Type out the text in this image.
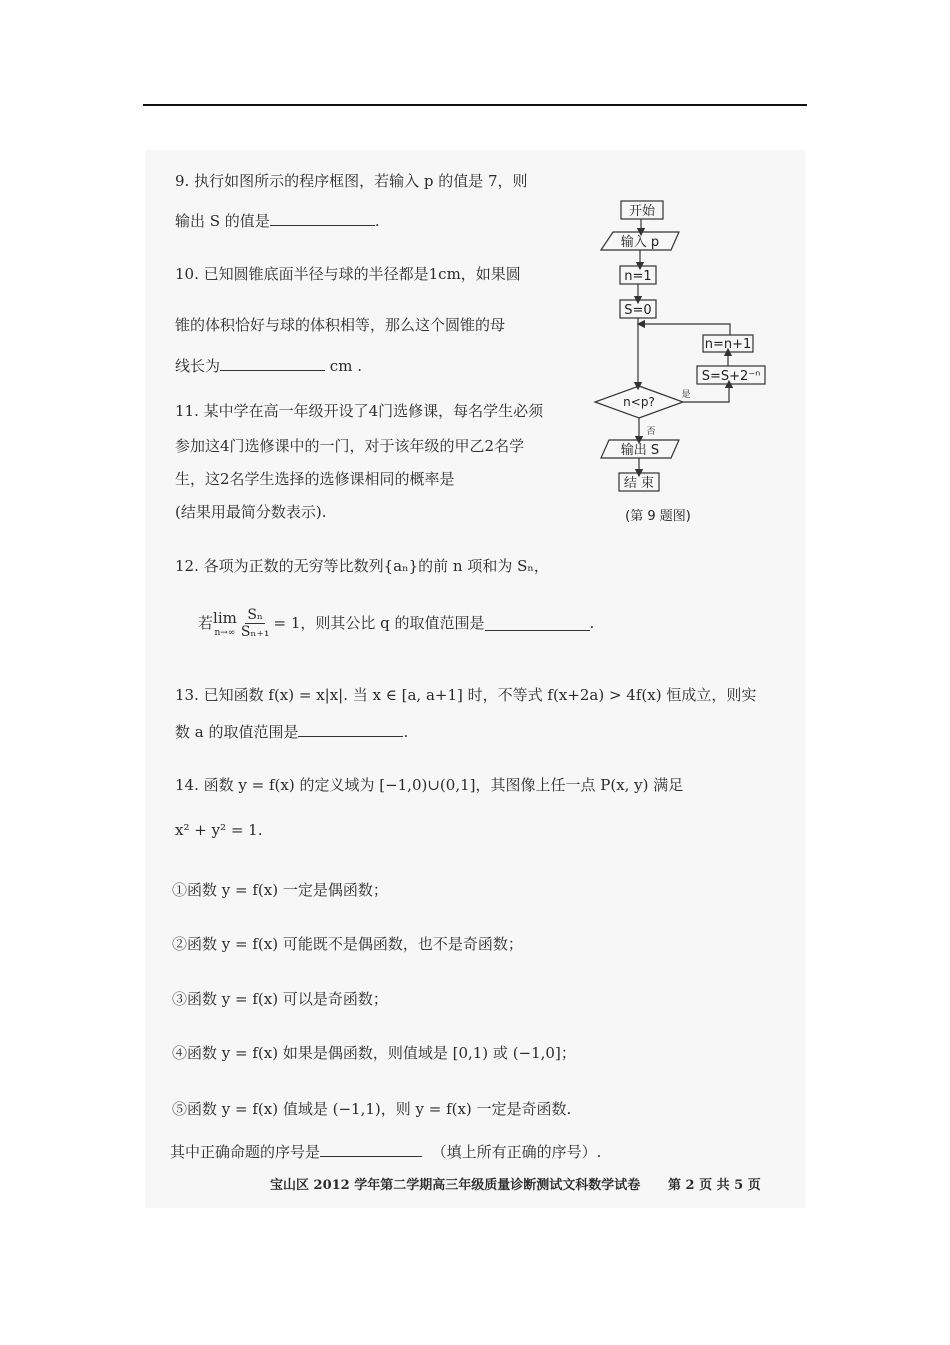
9. 执行如图所示的程序框图，若输入 p 的值是 7，则
输出 S 的值是	.
10. 已知圆锥底面半径与球的半径都是1cm，如果圆
锥的体积恰好与球的体积相等，那么这个圆锥的母
线长为	cm .
11. 某中学在高一年级开设了4门选修课，每名学生必须
参加这4门选修课中的一门，对于该年级的甲乙2名学
生，这2名学生选择的选修课相同的概率是
(结果用最简分数表示).
开始
输入 p
n=1
S=0
n=n+1
S=S+2⁻ⁿ
n<p?	是
否
输出 S
结 束
(第 9 题图)
12. 各项为正数的无穷等比数列{aₙ}的前 n 项和为 Sₙ，
若 lim
$n\to\infty \frac{\text{Sₙ}}{\text{Sₙ₊₁}} = 1$，则其公比 q 的取值范围是	.
13. 已知函数 f(x) = x|x|. 当 x ∈ [a, a+1] 时，不等式 f(x+2a) > 4f(x) 恒成立，则实
数 a 的取值范围是	.
14. 函数 y = f(x) 的定义域为 [−1,0)∪(0,1]，其图像上任一点 P(x, y) 满足
x² + y² = 1.
①函数 y = f(x) 一定是偶函数；
②函数 y = f(x) 可能既不是偶函数，也不是奇函数；
③函数 y = f(x) 可以是奇函数；
④函数 y = f(x) 如果是偶函数，则值域是 [0,1) 或 (−1,0]；
⑤函数 y = f(x) 值域是 (−1,1)，则 y = f(x) 一定是奇函数.
其中正确命题的序号是	（填上所有正确的序号）.
宝山区 2012 学年第二学期高三年级质量诊断测试文科数学试卷 第 2 页 共 5 页
